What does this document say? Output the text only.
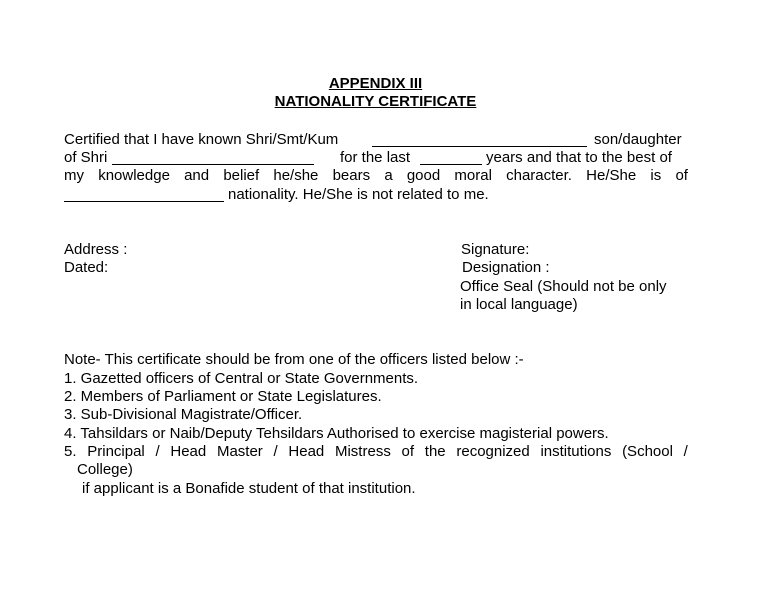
APPENDIX III
NATIONALITY CERTIFICATE
Certified that I have known Shri/Smt/Kum	son/daughter
of Shri	for the last	years and that to the best of
my knowledge and belief he/she bears a good moral character. He/She is of
nationality. He/She is not related to me.
Address :
Dated:
Signature:
Designation :
Office Seal (Should not be only
in local language)
Note- This certificate should be from one of the officers listed below :-
1. Gazetted officers of Central or State Governments.
2. Members of Parliament or State Legislatures.
3. Sub-Divisional Magistrate/Officer.
4. Tahsildars or Naib/Deputy Tehsildars Authorised to exercise magisterial powers.
5. Principal / Head Master / Head Mistress of the recognized institutions (School /
College)
if applicant is a Bonafide student of that institution.
